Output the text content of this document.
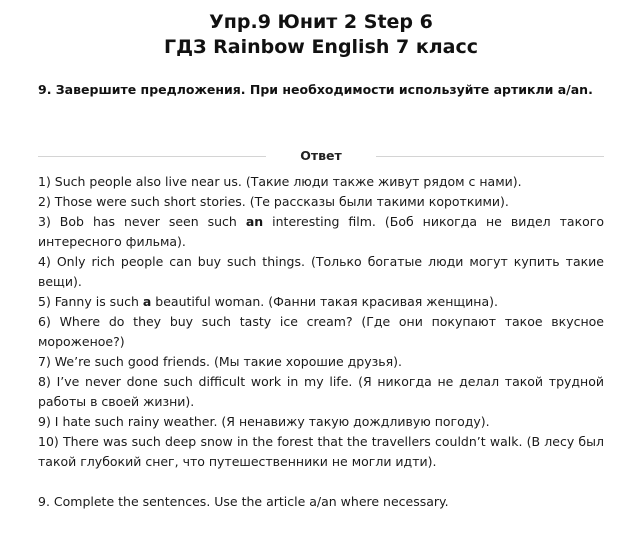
Упр.9 Юнит 2 Step 6
ГДЗ Rainbow English 7 класс
9. Завершите предложения. При необходимости используйте артикли a/an.
Ответ

1) Such people also live near us. (Такие люди также живут рядом с нами).

2) Those were such short stories. (Те рассказы были такими короткими).

3) Bob has never seen such an interesting film. (Боб никогда не видел такого интересного фильма).

4) Only rich people can buy such things. (Только богатые люди могут купить такие вещи).

5) Fanny is such a beautiful woman. (Фанни такая красивая женщина).

6) Where do they buy such tasty ice cream? (Где они покупают такое вкусное мороженое?)

7) We’re such good friends. (Мы такие хорошие друзья).

8) I’ve never done such difficult work in my life. (Я никогда не делал такой трудной работы в своей жизни).

9) I hate such rainy weather. (Я ненавижу такую дождливую погоду).

10) There was such deep snow in the forest that the travellers couldn’t walk. (В лесу был такой глубокий снег, что путешественники не могли идти).

9. Complete the sentences. Use the article a/an where necessary.
